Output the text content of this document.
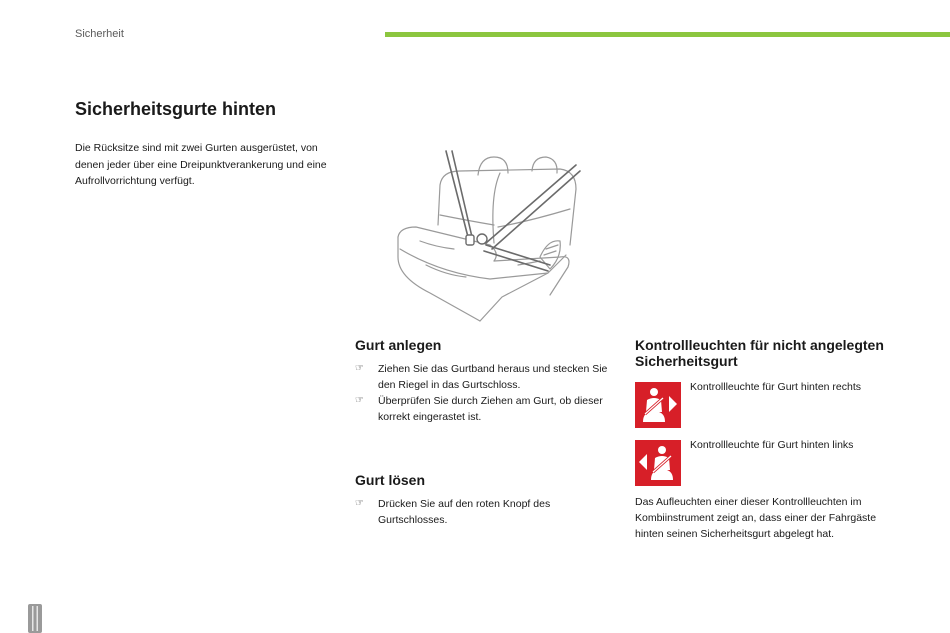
Sicherheit
Sicherheitsgurte hinten

Die Rücksitze sind mit zwei Gurten ausgerüstet, von denen jeder über eine Dreipunktverankerung und eine Aufrollvorrichtung verfügt.

Gurt anlegen
☞ Ziehen Sie das Gurtband heraus und stecken Sie den Riegel in das Gurtschloss.
☞ Überprüfen Sie durch Ziehen am Gurt, ob dieser korrekt eingerastet ist.
Gurt lösen
☞ Drücken Sie auf den roten Knopf des Gurtschlosses.
Kontrollleuchten für nicht angelegten Sicherheitsgurt
Kontrollleuchte für Gurt hinten rechts
Kontrollleuchte für Gurt hinten links

Das Aufleuchten einer dieser Kontrollleuchten im Kombiinstrument zeigt an, dass einer der Fahrgäste hinten seinen Sicherheitsgurt abgelegt hat.
